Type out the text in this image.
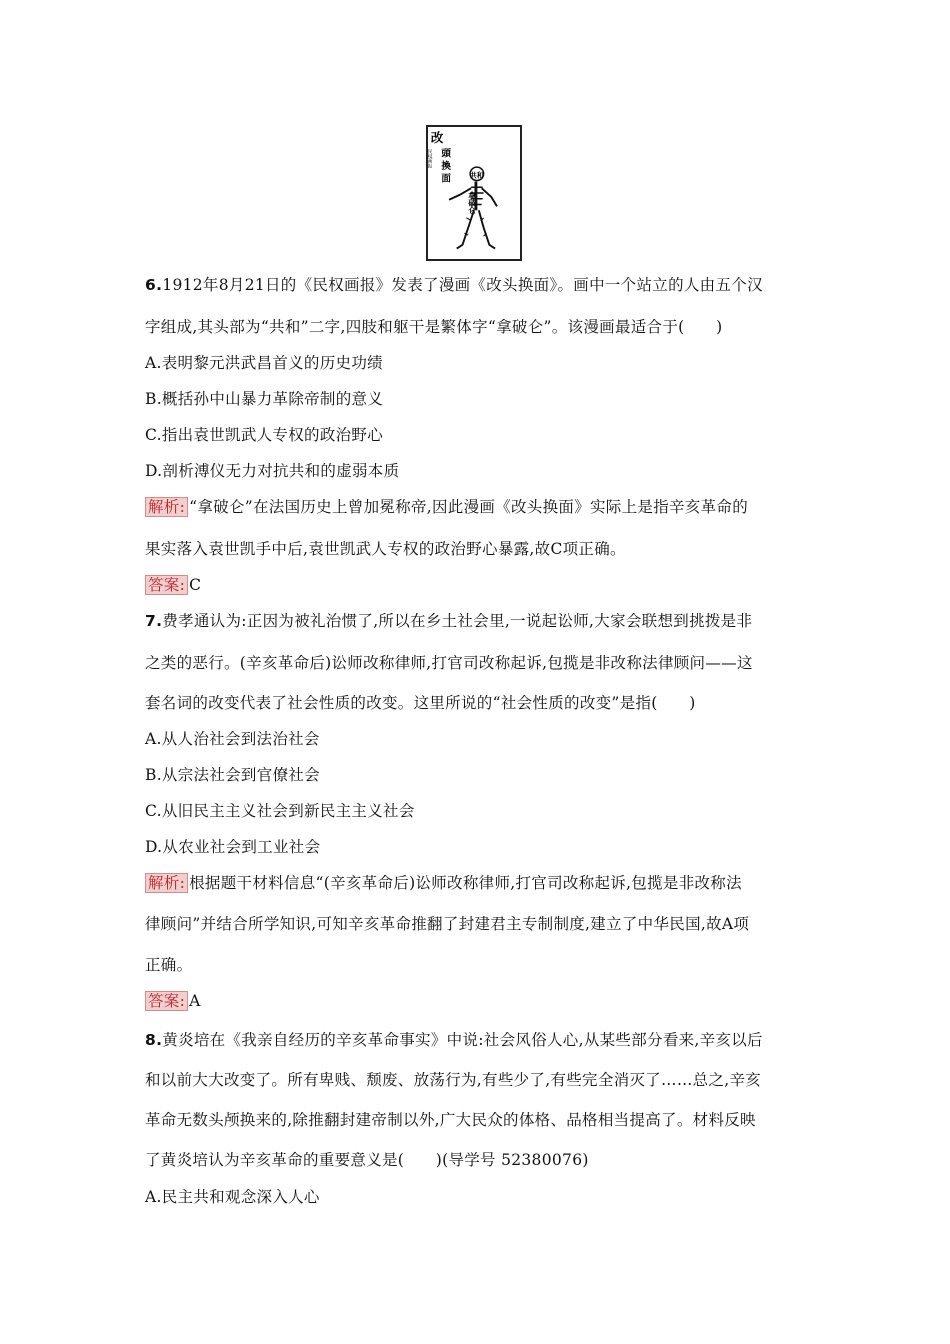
改
頭
換
面
民权画报
共和
拿破仑
6.1912年8月21日的《民权画报》发表了漫画《改头换面》。画中一个站立的人由五个汉
字组成,其头部为“共和”二字,四肢和躯干是繁体字“拿破仑”。该漫画最适合于(　　)
A.表明黎元洪武昌首义的历史功绩
B.概括孙中山暴力革除帝制的意义
C.指出袁世凯武人专权的政治野心
D.剖析溥仪无力对抗共和的虚弱本质
解析: “拿破仑”在法国历史上曾加冕称帝,因此漫画《改头换面》实际上是指辛亥革命的
果实落入袁世凯手中后,袁世凯武人专权的政治野心暴露,故C项正确。
答案: C
7.费孝通认为:正因为被礼治惯了,所以在乡土社会里,一说起讼师,大家会联想到挑拨是非
之类的恶行。(辛亥革命后)讼师改称律师,打官司改称起诉,包揽是非改称法律顾问——这
套名词的改变代表了社会性质的改变。这里所说的“社会性质的改变”是指(　　)
A.从人治社会到法治社会
B.从宗法社会到官僚社会
C.从旧民主主义社会到新民主主义社会
D.从农业社会到工业社会
解析: 根据题干材料信息“(辛亥革命后)讼师改称律师,打官司改称起诉,包揽是非改称法
律顾问”并结合所学知识,可知辛亥革命推翻了封建君主专制制度,建立了中华民国,故A项
正确。
答案: A
8.黄炎培在《我亲自经历的辛亥革命事实》中说:社会风俗人心,从某些部分看来,辛亥以后
和以前大大改变了。所有卑贱、颓废、放荡行为,有些少了,有些完全消灭了……总之,辛亥
革命无数头颅换来的,除推翻封建帝制以外,广大民众的体格、品格相当提高了。材料反映
了黄炎培认为辛亥革命的重要意义是(　　)(导学号 52380076)
A.民主共和观念深入人心
